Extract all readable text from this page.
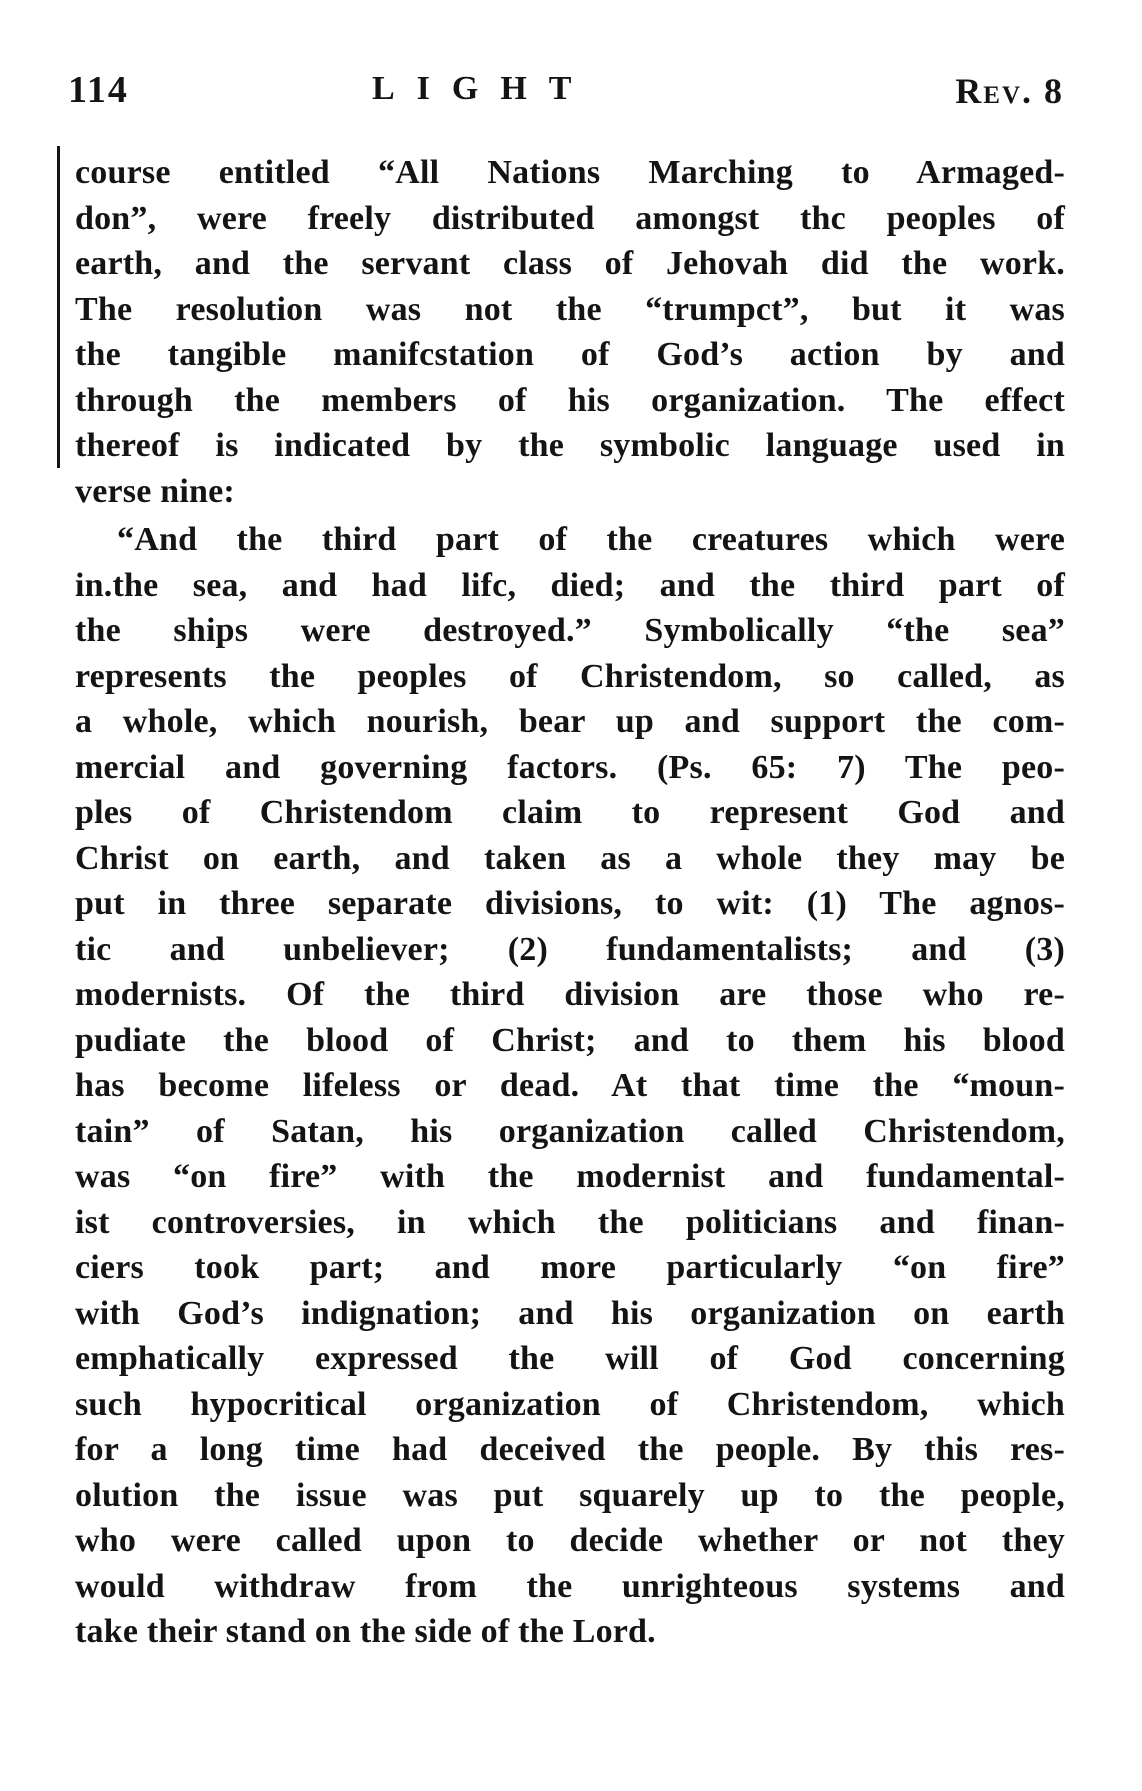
114	LIGHT	Rev. 8
course entitled “All Nations Marching to Armaged-
don”, were freely distributed amongst thc peoples of
earth, and the servant class of Jehovah did the work.
The resolution was not the “trumpct”, but it was
the tangible manifcstation of God’s action by and
through the members of his organization. The effect
thereof is indicated by the symbolic language used in
verse nine:
“And the third part of the creatures which were
in.the sea, and had lifc, died; and the third part of
the ships were destroyed.” Symbolically “the sea”
represents the peoples of Christendom, so called, as
a whole, which nourish, bear up and support the com-
mercial and governing factors. (Ps. 65: 7) The peo-
ples of Christendom claim to represent God and
Christ on earth, and taken as a whole they may be
put in three separate divisions, to wit: (1) The agnos-
tic and unbeliever; (2) fundamentalists; and (3)
modernists. Of the third division are those who re-
pudiate the blood of Christ; and to them his blood
has become lifeless or dead. At that time the “moun-
tain” of Satan, his organization called Christendom,
was “on fire” with the modernist and fundamental-
ist controversies, in which the politicians and finan-
ciers took part; and more particularly “on fire”
with God’s indignation; and his organization on earth
emphatically expressed the will of God concerning
such hypocritical organization of Christendom, which
for a long time had deceived the people. By this res-
olution the issue was put squarely up to the people,
who were called upon to decide whether or not they
would withdraw from the unrighteous systems and
take their stand on the side of the Lord.
